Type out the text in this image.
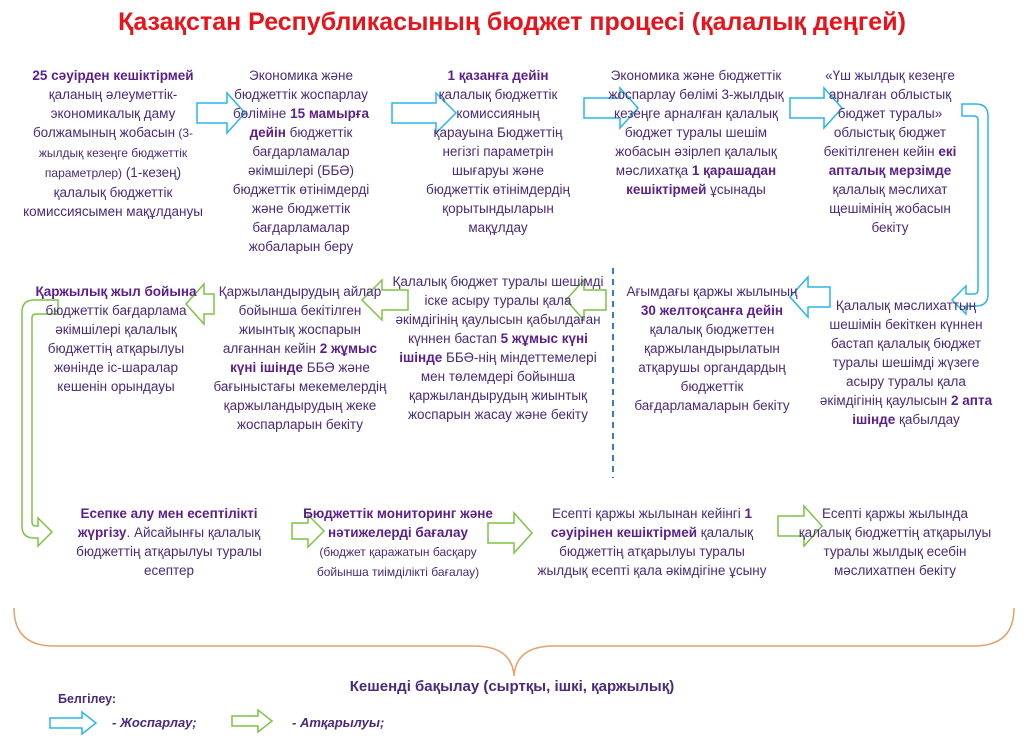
Қазақстан Республикасының бюджет процесі (қалалық деңгей)
25 сәуірден кешіктірмей қаланың әлеуметтік-экономикалық даму болжамының жобасын (3-жылдық кезеңге бюджеттік параметрлер) (1-кезең) қалалық бюджеттік комиссиясымен мақұлдануы
Экономика және бюджеттік жоспарлау бөліміне 15 мамырға дейін бюджеттік бағдарламалар әкімшілері (ББӘ) бюджеттік өтінімдерді және бюджеттік бағдарламалар жобаларын беру
1 қазанға дейін қалалық бюджеттік комиссияның қарауына Бюджеттің негізгі параметрін шығаруы және бюджеттік өтінімдердің қорытындыларын мақұлдау
Экономика және бюджеттік жоспарлау бөлімі 3-жылдық кезеңге арналған қалалық бюджет туралы шешім жобасын әзірлеп қалалық мәслихатқа 1 қарашадан кешіктірмей ұсынады
«Үш жылдық кезеңге арналған облыстық бюджет туралы» облыстық бюджет бекітілгенен кейін екі апталық мерзімде қалалық мәслихат щешімінің жобасын бекіту
Қалалық мәслихаттың шешімін бекіткен күннен бастап қалалық бюджет туралы шешімді жүзеге асыру туралы қала әкімдігінің қаулысын 2 апта ішінде қабылдау
Ағымдағы қаржы жылының 30 желтоқсанға дейін қалалық бюджеттен қаржыландырылатын атқарушы органдардың бюджеттік бағдарламаларын бекіту
Қалалық бюджет туралы шешімді іске асыру туралы қала әкімдігінің қаулысын қабылдаған күннен бастап 5 жұмыс күні ішінде ББӘ-нің міндеттемелері мен төлемдері бойынша қаржыландырудың жиынтық жоспарын жасау және бекіту
Қаржыландырудың айлар бойынша бекітілген жиынтық жоспарын алғаннан кейін 2 жұмыс күні ішінде ББӘ және бағыныстағы мекемелердің қаржыландырудың жеке жоспарларын бекіту
Қаржылық жыл бойына бюджеттік бағдарлама әкімшілері қалалық бюджеттің атқарылуы жөнінде іс-шаралар кешенін орындауы
Есепке алу мен есептілікті жүргізу. Айсайынғы қалалық бюджеттің атқарылуы туралы есептер
Бюджеттік мониторинг және нәтижелерді бағалау
(бюджет қаражатын басқару бойынша тиімділікті бағалау)
Есепті қаржы жылынан кейінгі 1 сәуірінен кешіктірмей қалалық бюджеттің атқарылуы туралы жылдық есепті қала әкімдігіне ұсыну
Есепті қаржы жылында қалалық бюджеттің атқарылуы туралы жылдық есебін мәслихатпен бекіту
Кешенді бақылау (сыртқы, ішкі, қаржылық)
Белгілеу:
- Жоспарлау;	- Атқарылуы;
